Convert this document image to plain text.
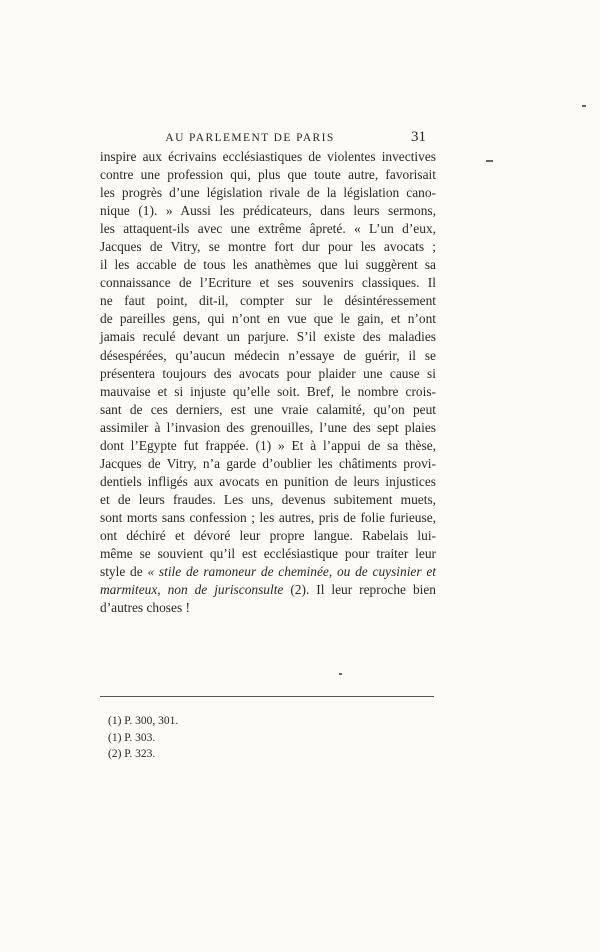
AU PARLEMENT DE PARIS	31
inspire aux écrivains ecclésiastiques de violentes invectives
contre une profession qui, plus que toute autre, favorisait
les progrès d’une législation rivale de la législation cano-
nique (1). » Aussi les prédicateurs, dans leurs sermons,
les attaquent-ils avec une extrême âpreté. « L’un d’eux,
Jacques de Vitry, se montre fort dur pour les avocats ;
il les accable de tous les anathèmes que lui suggèrent sa
connaissance de l’Ecriture et ses souvenirs classiques. Il
ne faut point, dit-il, compter sur le désintéressement
de pareilles gens, qui n’ont en vue que le gain, et n’ont
jamais reculé devant un parjure. S’il existe des maladies
désespérées, qu’aucun médecin n’essaye de guérir, il se
présentera toujours des avocats pour plaider une cause si
mauvaise et si injuste qu’elle soit. Bref, le nombre crois-
sant de ces derniers, est une vraie calamité, qu’on peut
assimiler à l’invasion des grenouilles, l’une des sept plaies
dont l’Egypte fut frappée. (1) » Et à l’appui de sa thèse,
Jacques de Vitry, n’a garde d’oublier les châtiments provi-
dentiels infligés aux avocats en punition de leurs injustices
et de leurs fraudes. Les uns, devenus subitement muets,
sont morts sans confession ; les autres, pris de folie furieuse,
ont déchiré et dévoré leur propre langue. Rabelais lui-
même se souvient qu’il est ecclésiastique pour traiter leur
style de « stile de ramoneur de cheminée, ou de cuysinier et
marmiteux, non de jurisconsulte (2). Il leur reproche bien
d’autres choses !
(1) P. 300, 301.
(1) P. 303.
(2) P. 323.
